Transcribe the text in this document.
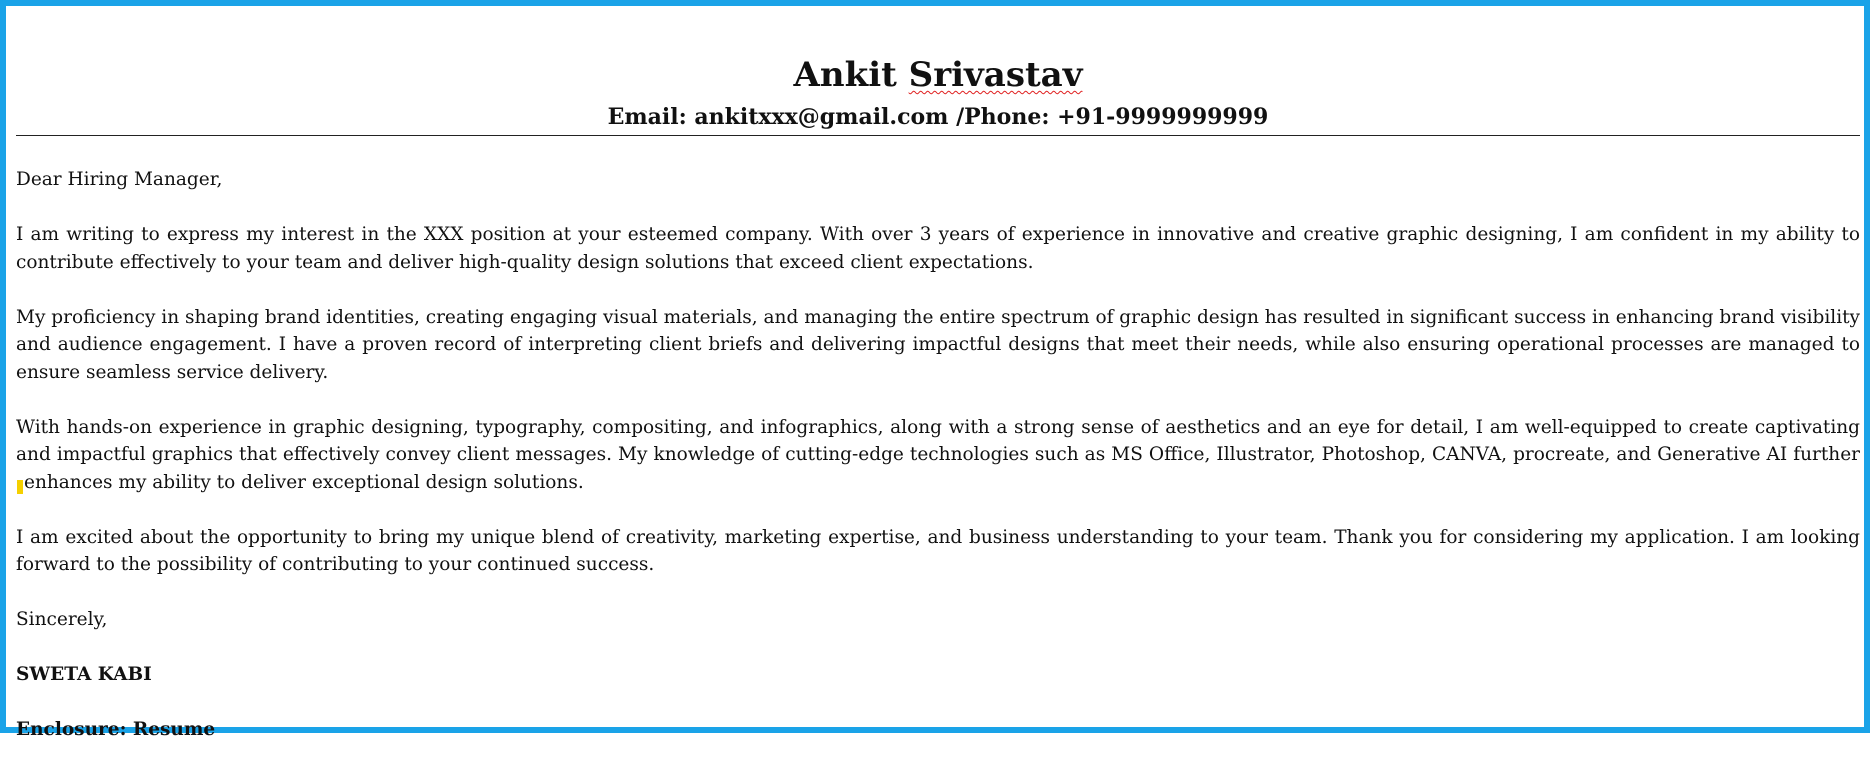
Ankit Srivastav
Email: ankitxxx@gmail.com /Phone: +91-9999999999

Dear Hiring Manager,

I am writing to express my interest in the XXX position at your esteemed company. With over 3 years of experience in innovative and creative graphic designing, I am confident in my ability to contribute effectively to your team and deliver high-quality design solutions that exceed client expectations.

My proficiency in shaping brand identities, creating engaging visual materials, and managing the entire spectrum of graphic design has resulted in significant success in enhancing brand visibility and audience engagement. I have a proven record of interpreting client briefs and delivering impactful designs that meet their needs, while also ensuring operational processes are managed to ensure seamless service delivery.

With hands-on experience in graphic designing, typography, compositing, and infographics, along with a strong sense of aesthetics and an eye for detail, I am well-equipped to create captivating and impactful graphics that effectively convey client messages. My knowledge of cutting-edge technologies such as MS Office, Illustrator, Photoshop, CANVA, procreate, and Generative AI furtherenhances my ability to deliver exceptional design solutions.

I am excited about the opportunity to bring my unique blend of creativity, marketing expertise, and business understanding to your team. Thank you for considering my application. I am looking forward to the possibility of contributing to your continued success.

Sincerely,

SWETA KABI

Enclosure: Resume
